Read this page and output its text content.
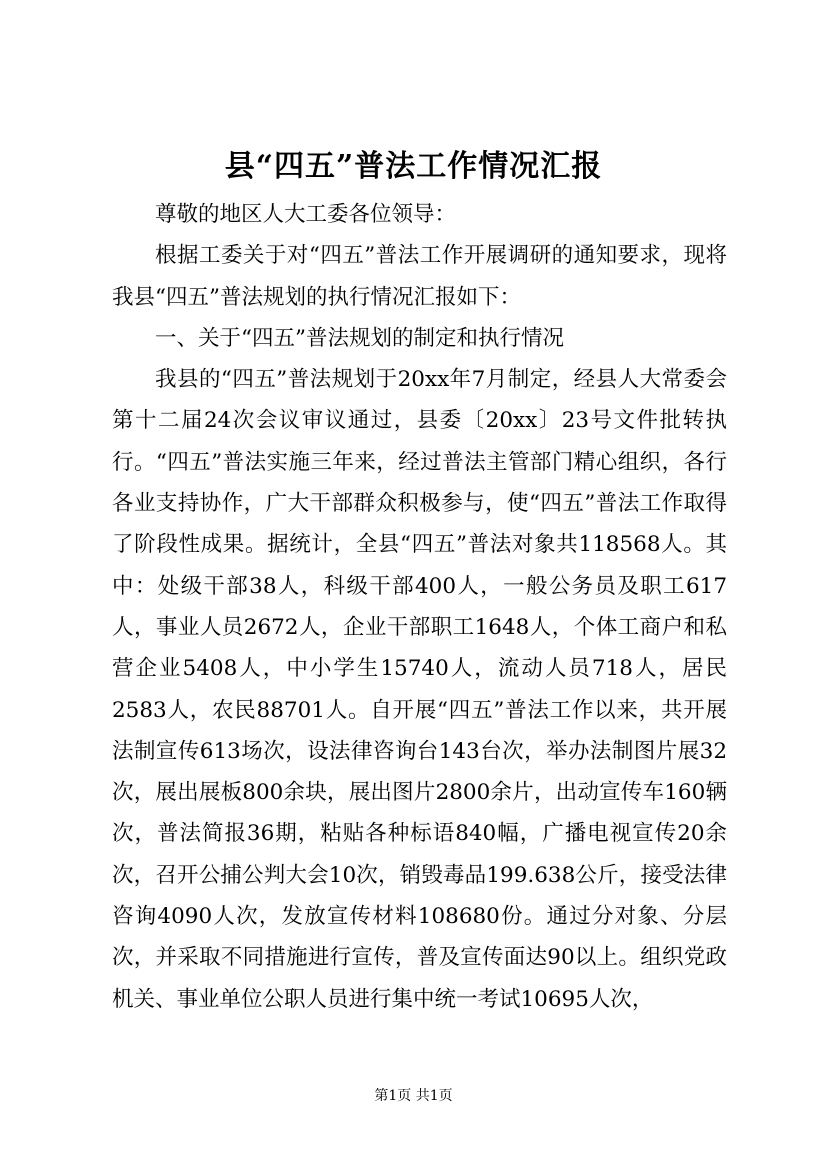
县“四五”普法工作情况汇报

尊敬的地区人大工委各位领导：

根据工委关于对“四五”普法工作开展调研的通知要求，现将我县“四五”普法规划的执行情况汇报如下：

一、关于“四五”普法规划的制定和执行情况

我县的“四五”普法规划于20xx年7月制定，经县人大常委会第十二届24次会议审议通过，县委〔20xx〕23号文件批转执行。“四五”普法实施三年来，经过普法主管部门精心组织，各行各业支持协作，广大干部群众积极参与，使“四五”普法工作取得了阶段性成果。据统计，全县“四五”普法对象共118568人。其中：处级干部38人，科级干部400人，一般公务员及职工617人，事业人员2672人，企业干部职工1648人，个体工商户和私营企业5408人，中小学生15740人，流动人员718人，居民2583人，农民88701人。自开展“四五”普法工作以来，共开展法制宣传613场次，设法律咨询台143台次，举办法制图片展32次，展出展板800余块，展出图片2800余片，出动宣传车160辆次，普法简报36期，粘贴各种标语840幅，广播电视宣传20余次，召开公捕公判大会10次，销毁毒品199.638公斤，接受法律咨询4090人次，发放宣传材料108680份。通过分对象、分层次，并采取不同措施进行宣传，普及宣传面达90以上。组织党政机关、事业单位公职人员进行集中统一考试10695人次，

第1页 共1页
